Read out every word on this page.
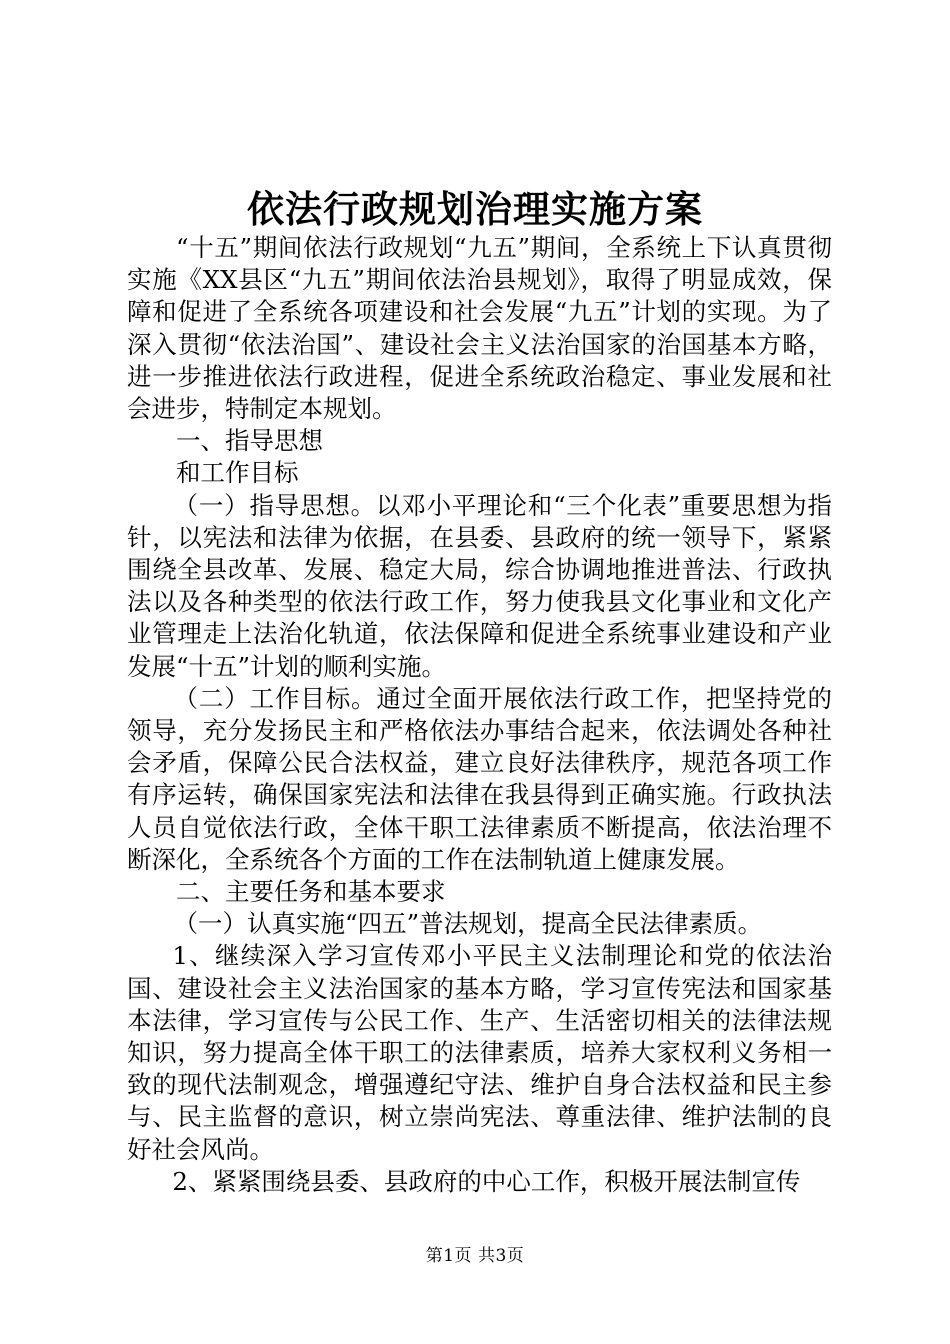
依法行政规划治理实施方案

“十五”期间依法行政规划“九五”期间，全系统上下认真贯彻实施《XX县区“九五”期间依法治县规划》，取得了明显成效，保障和促进了全系统各项建设和社会发展“九五”计划的实现。为了深入贯彻“依法治国”、建设社会主义法治国家的治国基本方略，进一步推进依法行政进程，促进全系统政治稳定、事业发展和社会进步，特制定本规划。

一、指导思想

和工作目标

（一）指导思想。以邓小平理论和“三个化表”重要思想为指针，以宪法和法律为依据，在县委、县政府的统一领导下，紧紧围绕全县改革、发展、稳定大局，综合协调地推进普法、行政执法以及各种类型的依法行政工作，努力使我县文化事业和文化产业管理走上法治化轨道，依法保障和促进全系统事业建设和产业发展“十五”计划的顺利实施。

（二）工作目标。通过全面开展依法行政工作，把坚持党的领导，充分发扬民主和严格依法办事结合起来，依法调处各种社会矛盾，保障公民合法权益，建立良好法律秩序，规范各项工作有序运转，确保国家宪法和法律在我县得到正确实施。行政执法人员自觉依法行政，全体干职工法律素质不断提高，依法治理不断深化，全系统各个方面的工作在法制轨道上健康发展。

二、主要任务和基本要求

（一）认真实施“四五”普法规划，提高全民法律素质。

1、继续深入学习宣传邓小平民主义法制理论和党的依法治国、建设社会主义法治国家的基本方略，学习宣传宪法和国家基本法律，学习宣传与公民工作、生产、生活密切相关的法律法规知识，努力提高全体干职工的法律素质，培养大家权利义务相一致的现代法制观念，增强遵纪守法、维护自身合法权益和民主参与、民主监督的意识，树立崇尚宪法、尊重法律、维护法制的良好社会风尚。

2、紧紧围绕县委、县政府的中心工作，积极开展法制宣传

第1页 共3页
